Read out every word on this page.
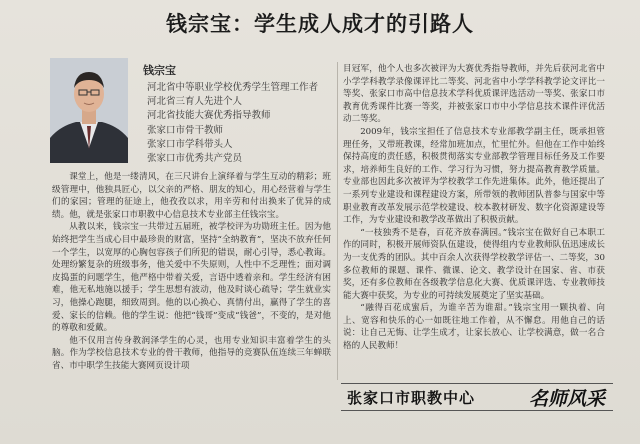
钱宗宝：学生成人成才的引路人
钱宗宝
河北省中等职业学校优秀学生管理工作者
河北省三育人先进个人
河北省技能大赛优秀指导教师
张家口市骨干教师
张家口市学科带头人
张家口市优秀共产党员

课堂上，他是一缕清风，在三尺讲台上演绎着与学生互动的精彩；班级管理中，他独具匠心，以父亲的严格、朋友的知心，用心经营着与学生们的家园；管理的征途上，他孜孜以求，用辛劳和付出换来了优异的成绩。他，就是张家口市职教中心信息技术专业部主任钱宗宝。

从教以来，钱宗宝一共带过五届班，被学校评为功勋班主任。因为他始终把学生当成心目中最珍贵的财富，坚持“全纳教育”，坚决不放弃任何一个学生，以宽厚的心胸包容孩子们所犯的错误，耐心引导，悉心教诲。处理纷繁复杂的班级事务，他关爱中不失原则，人性中不乏理性；面对调皮捣蛋的问题学生，他严格中带着关爱，言语中透着亲和。学生经济有困难，他无私地施以援手；学生思想有波动，他及时谈心疏导；学生就业实习，他操心跑腿，细致周到。他的以心换心、真情付出，赢得了学生的喜爱、家长的信赖。他的学生说：他把“钱哥”变成“钱爸”，不变的，是对他的尊敬和爱戴。

他不仅用言传身教润泽学生的心灵，也用专业知识丰富着学生的头脑。作为学校信息技术专业的骨干教师，他指导的竞赛队伍连续三年蝉联省、市中职学生技能大赛网页设计项

目冠军，他个人也多次被评为大赛优秀指导教师，并先后获河北省中小学学科教学录像课评比二等奖、河北省中小学学科教学论文评比一等奖、张家口市高中信息技术学科优质课评选活动一等奖、张家口市教育优秀课件比赛一等奖，并被张家口市中小学信息技术课件评优活动二等奖。

2009年，钱宗宝担任了信息技术专业部教学副主任，既承担管理任务，又带班教课，经常加班加点，忙里忙外。但他在工作中始终保持高度的责任感，积极贯彻落实专业部教学管理目标任务及工作要求，培养师生良好的工作、学习行为习惯，努力提高教育教学质量。专业部也因此多次被评为学校教学工作先进集体。此外，他还提出了一系列专业建设和课程建设方案，所带领的教师团队普参与国家中等职业教育改革发展示范学校建设、校本教材研发、数字化资源建设等工作，为专业建设和教学改革做出了积极贡献。

“一枝独秀不是春，百花齐放春满园。”钱宗宝在做好自己本职工作的同时，积极开展师资队伍建设，使得组内专业教师队伍迅速成长为一支优秀的团队。其中百余人次获得学校教学评估一、二等奖，30多位教师的课题、课件、微课、论文、教学设计在国家、省、市获奖，还有多位教师在各级教学信息化大赛、优质课评选、专业教师技能大赛中获奖，为专业的可持续发展奠定了坚实基础。

“融得百花成蜜后，为谁辛苦为谁甜。”钱宗宝用一颗执着、向上、宽容和快乐的心一如既往地工作着，从不懈怠。用他自己的话说：让自己无悔、让学生成才，让家长放心、让学校满意，做一名合格的人民教师！

张家口市职教中心	名师风采
